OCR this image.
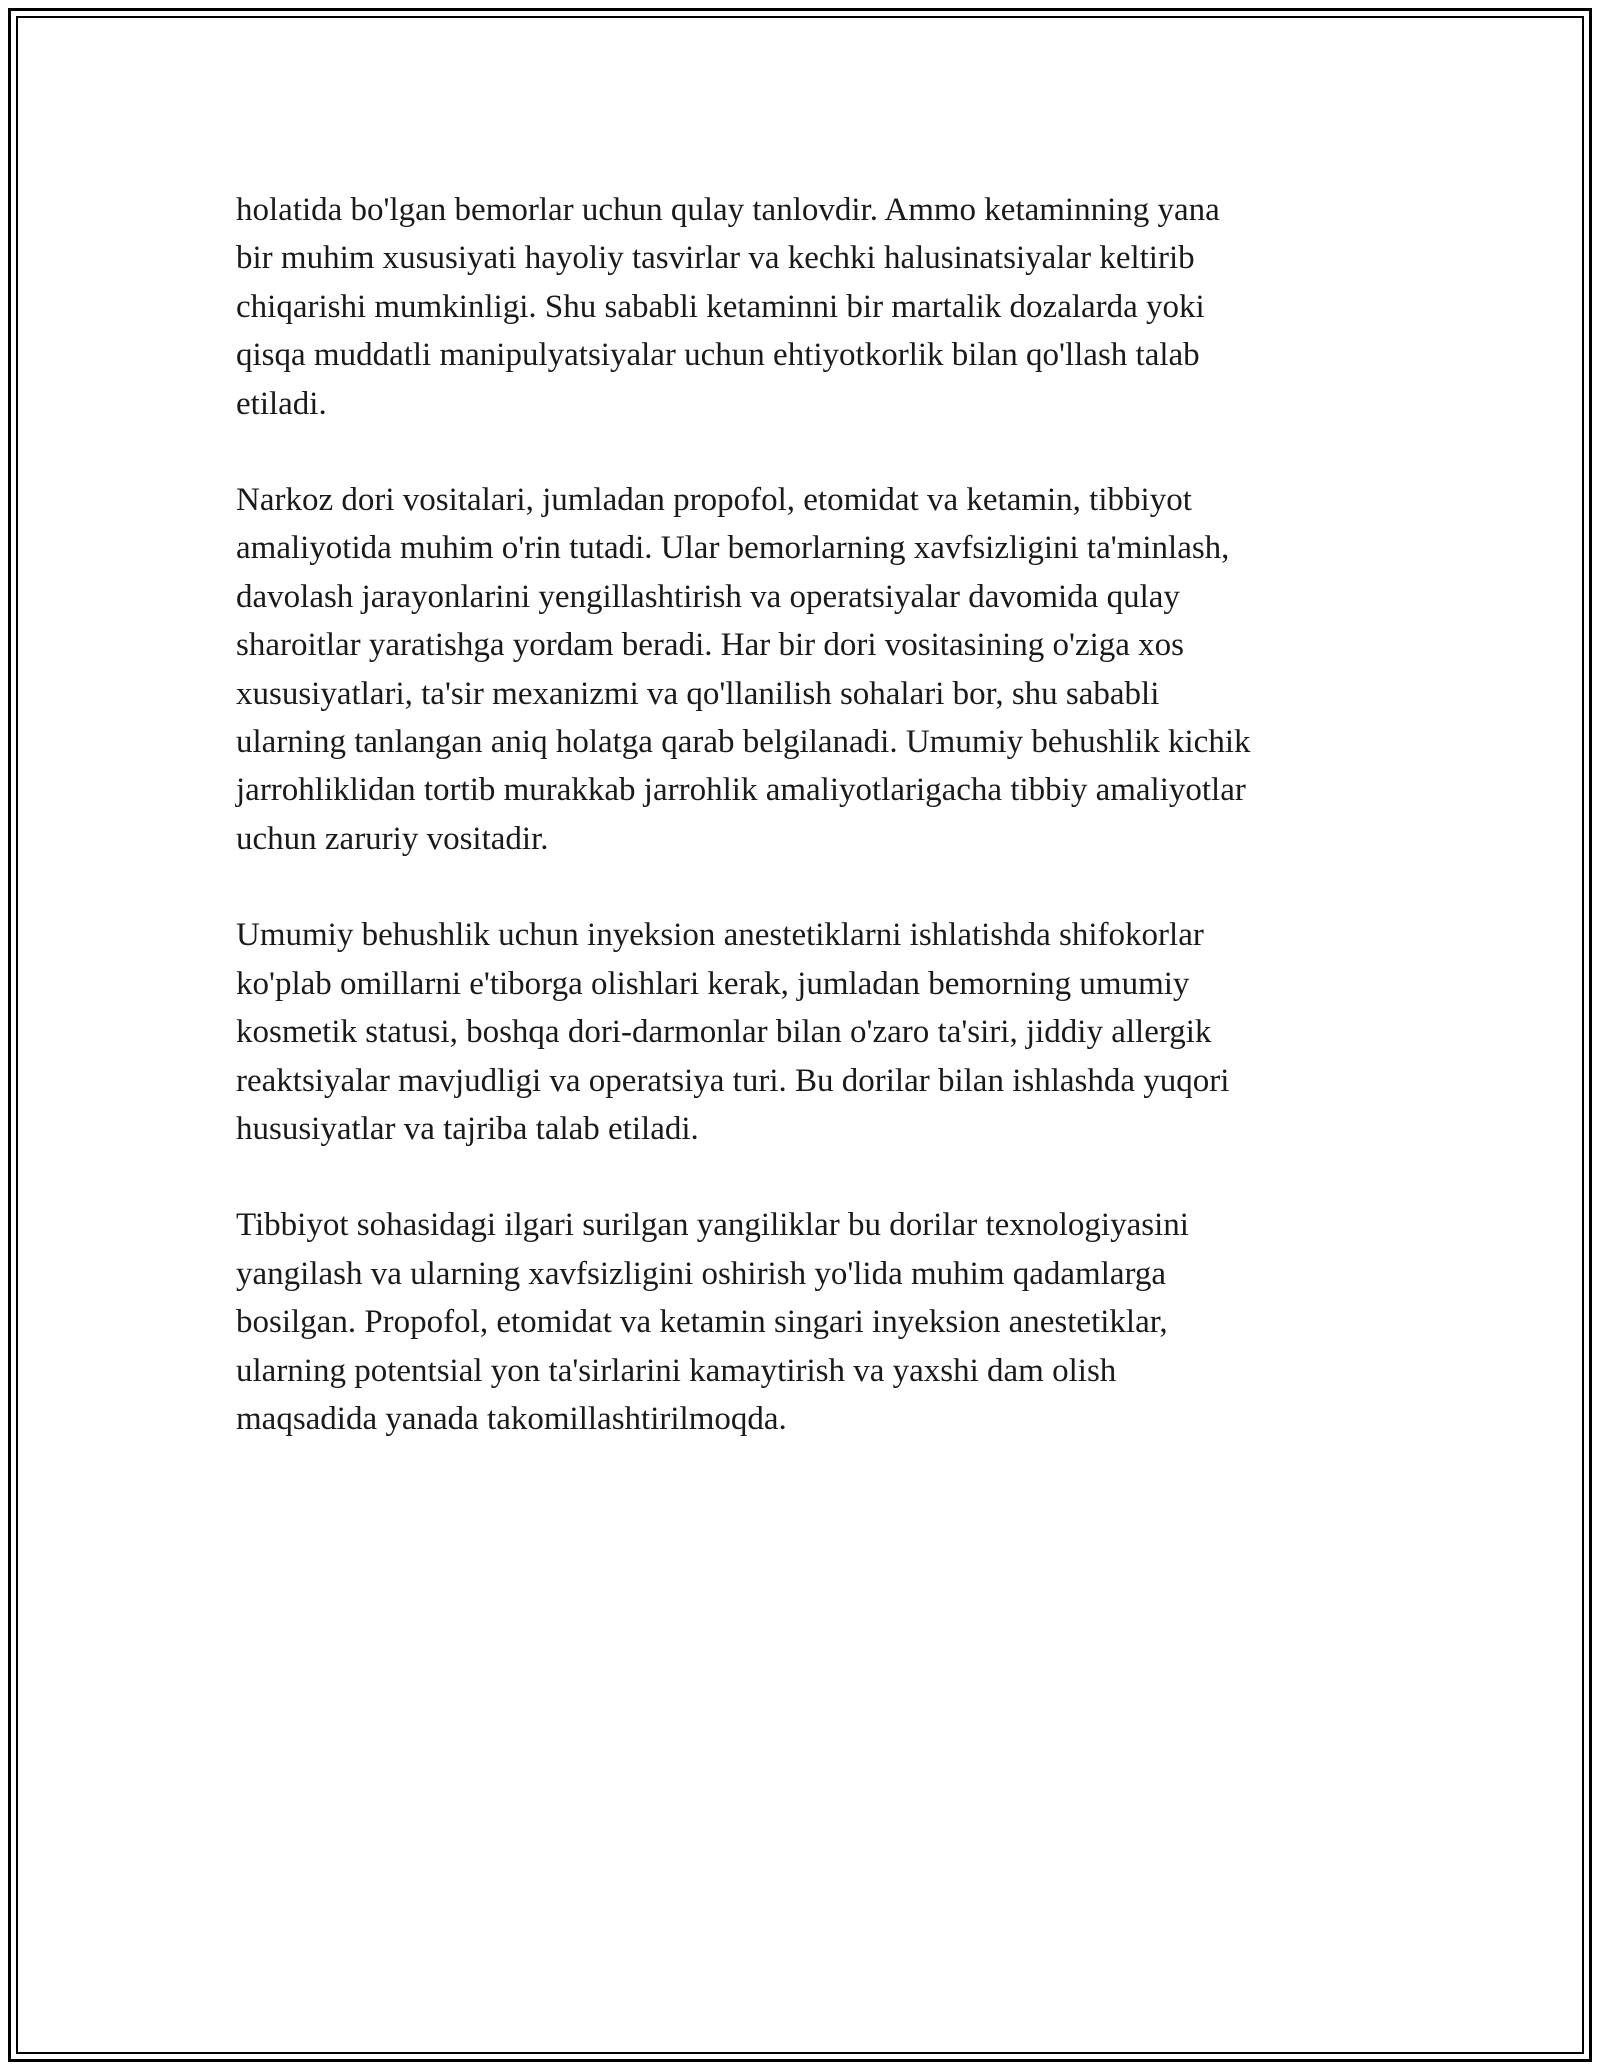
holatida bo'lgan bemorlar uchun qulay tanlovdir. Ammo ketaminning yana
bir muhim xususiyati hayoliy tasvirlar va kechki halusinatsiyalar keltirib
chiqarishi mumkinligi. Shu sababli ketaminni bir martalik dozalarda yoki
qisqa muddatli manipulyatsiyalar uchun ehtiyotkorlik bilan qo'llash talab
etiladi.

Narkoz dori vositalari, jumladan propofol, etomidat va ketamin, tibbiyot
amaliyotida muhim o'rin tutadi. Ular bemorlarning xavfsizligini ta'minlash,
davolash jarayonlarini yengillashtirish va operatsiyalar davomida qulay
sharoitlar yaratishga yordam beradi. Har bir dori vositasining o'ziga xos
xususiyatlari, ta'sir mexanizmi va qo'llanilish sohalari bor, shu sababli
ularning tanlangan aniq holatga qarab belgilanadi. Umumiy behushlik kichik
jarrohliklidan tortib murakkab jarrohlik amaliyotlarigacha tibbiy amaliyotlar
uchun zaruriy vositadir.

Umumiy behushlik uchun inyeksion anestetiklarni ishlatishda shifokorlar
ko'plab omillarni e'tiborga olishlari kerak, jumladan bemorning umumiy
kosmetik statusi, boshqa dori-darmonlar bilan o'zaro ta'siri, jiddiy allergik
reaktsiyalar mavjudligi va operatsiya turi. Bu dorilar bilan ishlashda yuqori
hususiyatlar va tajriba talab etiladi.

Tibbiyot sohasidagi ilgari surilgan yangiliklar bu dorilar texnologiyasini
yangilash va ularning xavfsizligini oshirish yo'lida muhim qadamlarga
bosilgan. Propofol, etomidat va ketamin singari inyeksion anestetiklar,
ularning potentsial yon ta'sirlarini kamaytirish va yaxshi dam olish
maqsadida yanada takomillashtirilmoqda.
